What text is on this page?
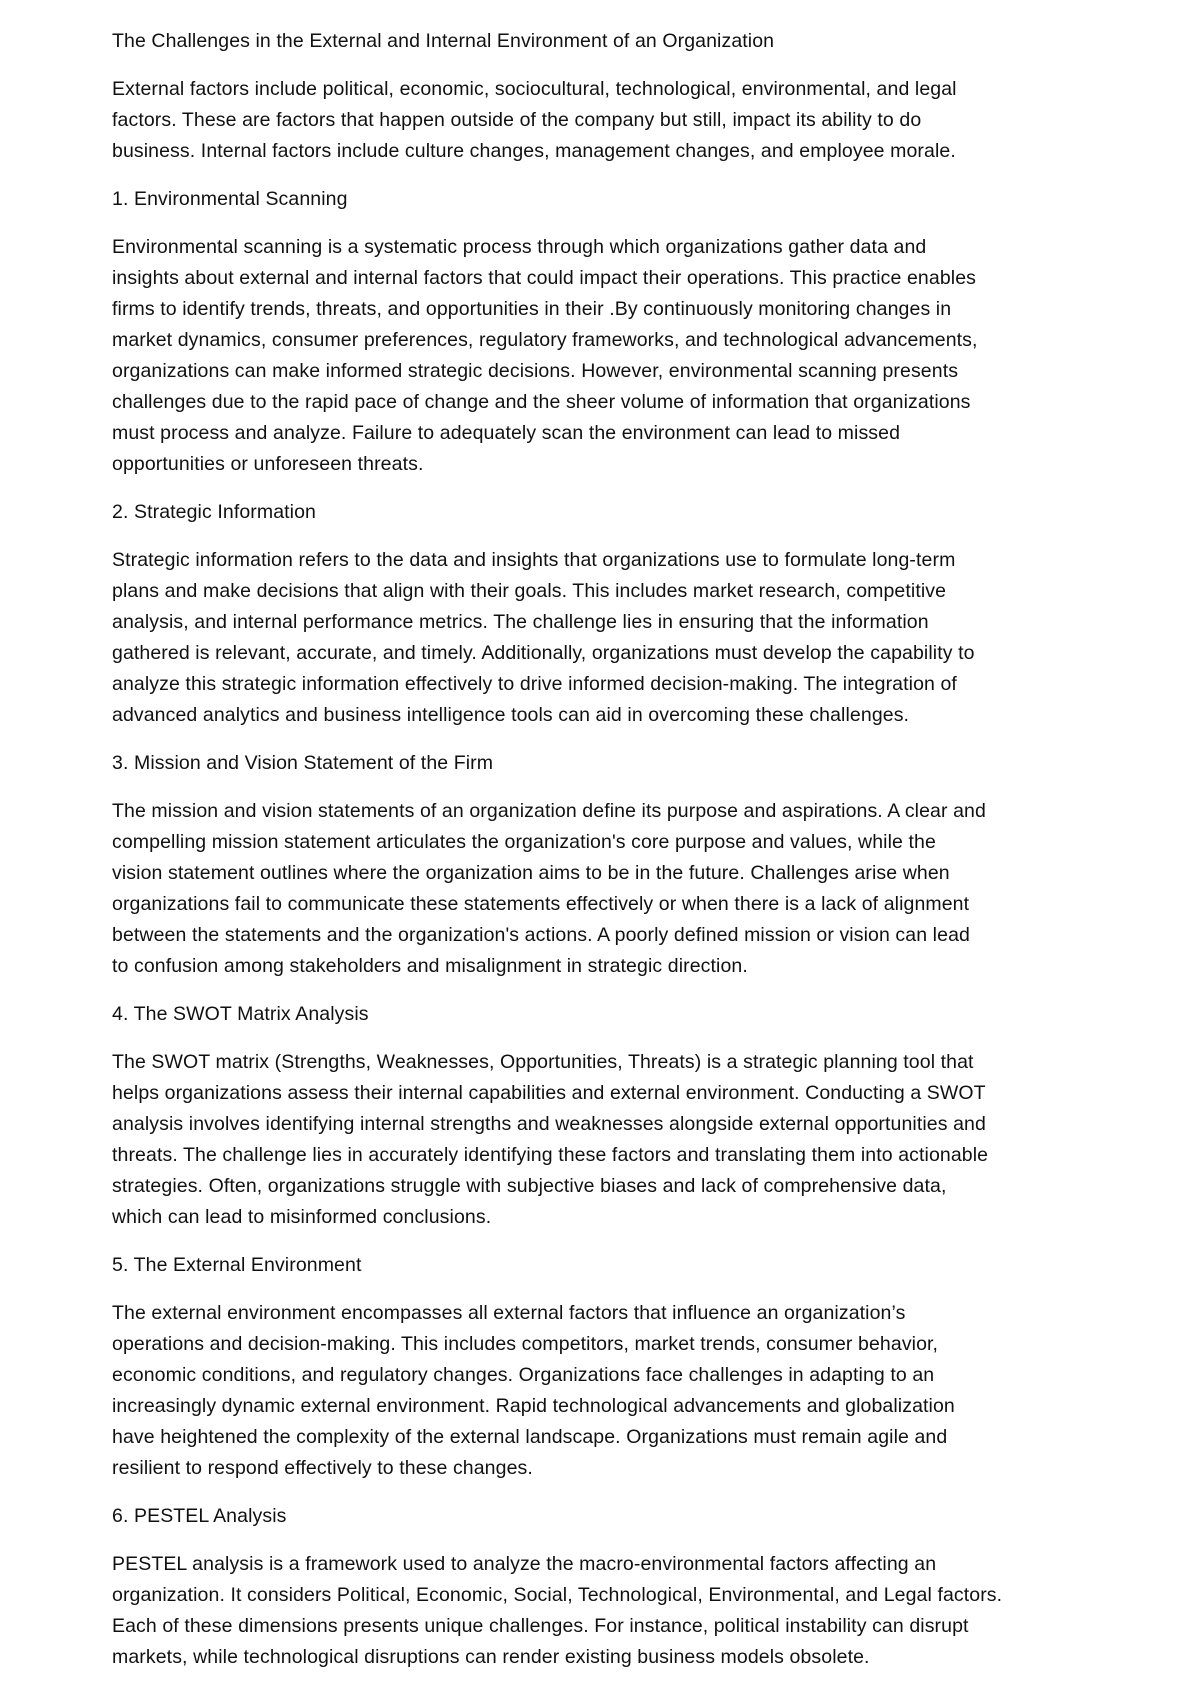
The Challenges in the External and Internal Environment of an Organization
External factors include political, economic, sociocultural, technological, environmental, and legal
factors. These are factors that happen outside of the company but still, impact its ability to do
business. Internal factors include culture changes, management changes, and employee morale.
1. Environmental Scanning
Environmental scanning is a systematic process through which organizations gather data and
insights about external and internal factors that could impact their operations. This practice enables
firms to identify trends, threats, and opportunities in their .By continuously monitoring changes in
market dynamics, consumer preferences, regulatory frameworks, and technological advancements,
organizations can make informed strategic decisions. However, environmental scanning presents
challenges due to the rapid pace of change and the sheer volume of information that organizations
must process and analyze. Failure to adequately scan the environment can lead to missed
opportunities or unforeseen threats.
2. Strategic Information
Strategic information refers to the data and insights that organizations use to formulate long-term
plans and make decisions that align with their goals. This includes market research, competitive
analysis, and internal performance metrics. The challenge lies in ensuring that the information
gathered is relevant, accurate, and timely. Additionally, organizations must develop the capability to
analyze this strategic information effectively to drive informed decision-making. The integration of
advanced analytics and business intelligence tools can aid in overcoming these challenges.
3. Mission and Vision Statement of the Firm
The mission and vision statements of an organization define its purpose and aspirations. A clear and
compelling mission statement articulates the organization's core purpose and values, while the
vision statement outlines where the organization aims to be in the future. Challenges arise when
organizations fail to communicate these statements effectively or when there is a lack of alignment
between the statements and the organization's actions. A poorly defined mission or vision can lead
to confusion among stakeholders and misalignment in strategic direction.
4. The SWOT Matrix Analysis
The SWOT matrix (Strengths, Weaknesses, Opportunities, Threats) is a strategic planning tool that
helps organizations assess their internal capabilities and external environment. Conducting a SWOT
analysis involves identifying internal strengths and weaknesses alongside external opportunities and
threats. The challenge lies in accurately identifying these factors and translating them into actionable
strategies. Often, organizations struggle with subjective biases and lack of comprehensive data,
which can lead to misinformed conclusions.
5. The External Environment
The external environment encompasses all external factors that influence an organization’s
operations and decision-making. This includes competitors, market trends, consumer behavior,
economic conditions, and regulatory changes. Organizations face challenges in adapting to an
increasingly dynamic external environment. Rapid technological advancements and globalization
have heightened the complexity of the external landscape. Organizations must remain agile and
resilient to respond effectively to these changes.
6. PESTEL Analysis
PESTEL analysis is a framework used to analyze the macro-environmental factors affecting an
organization. It considers Political, Economic, Social, Technological, Environmental, and Legal factors.
Each of these dimensions presents unique challenges. For instance, political instability can disrupt
markets, while technological disruptions can render existing business models obsolete.
